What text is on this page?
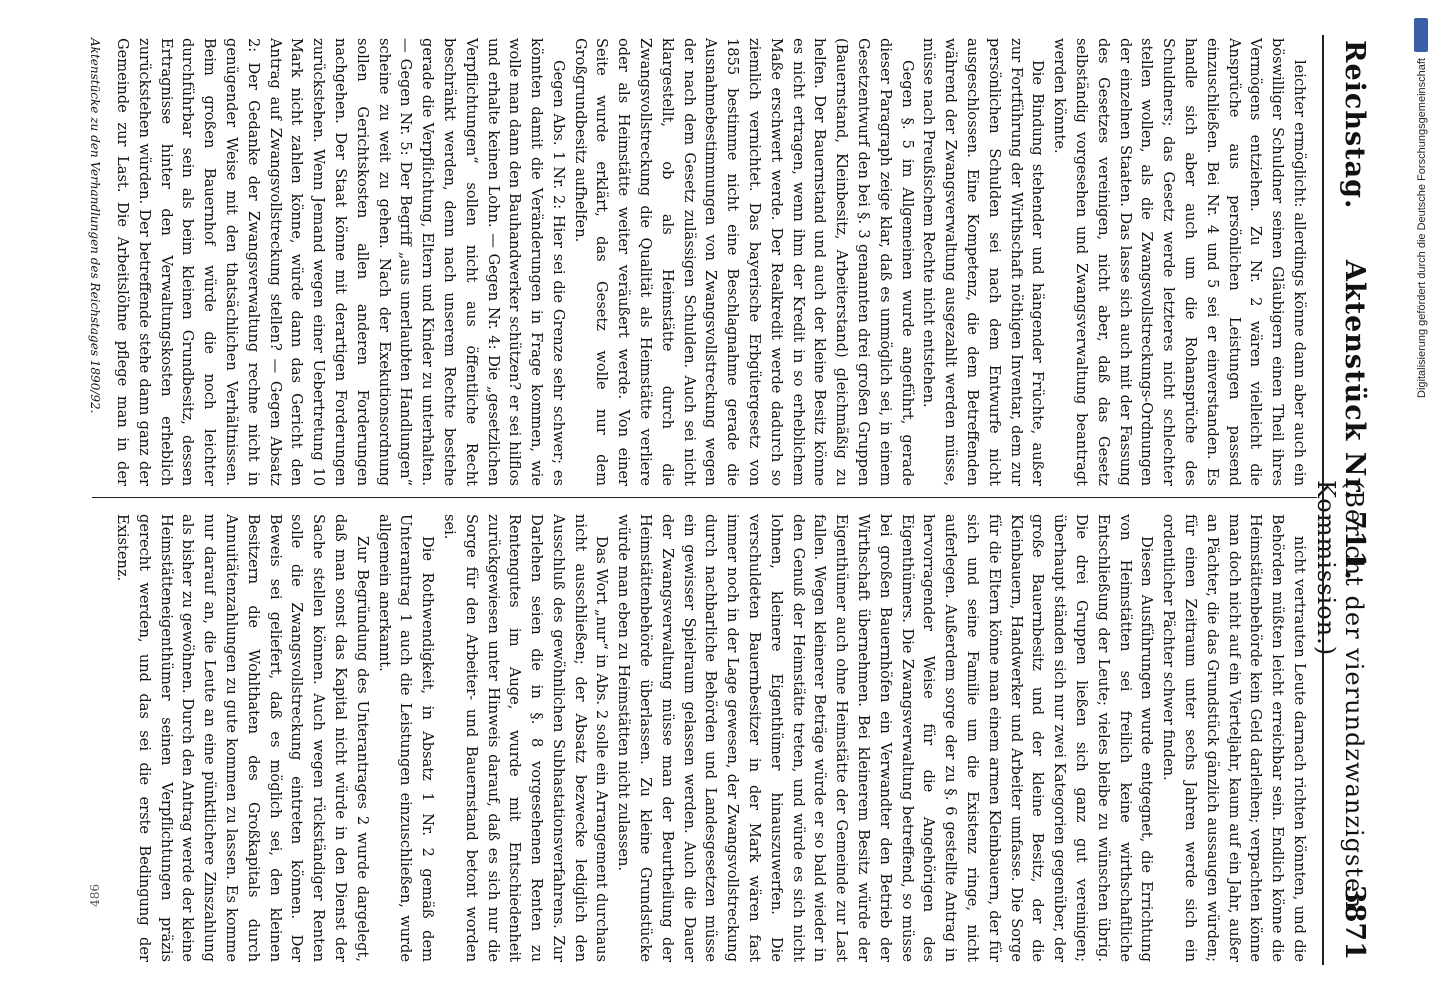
Reichstag.
Aktenstück Nr. 711.
(Bericht der vierundzwanzigsten Kommission.)
3871

leichter ermöglicht: allerdings könne dann aber auch ein böswilliger Schuldner seinen Gläubigern einen Theil ihres Vermögens entziehen. Zu Nr. 2 wären vielleicht die Ansprüche aus persönlichen Leistungen passend einzuschließen. Bei Nr. 4 und 5 sei er einverstanden. Es handle sich aber auch um die Rohansprüche des Schuldners; das Gesetz werde letzteres nicht schlechter stellen wollen, als die Zwangsvollstreckungs-Ordnungen der einzelnen Staaten. Das lasse sich auch mit der Fassung des Gesetzes vereinigen, nicht aber, daß das Gesetz selbständig vorgesehen und Zwangsverwaltung beantragt werden könnte.

Die Bindung stehender und hängender Früchte, außer zur Fortführung der Wirthschaft nöthigen Inventar, dem zur persönlichen Schulden sei nach dem Entwurfe nicht ausgeschlossen. Eine Kompetenz, die dem Betreffenden während der Zwangsverwaltung ausgezahlt werden müsse, müsse nach Preußischem Rechte nicht entstehen.

Gegen §. 5 im Allgemeinen wurde angeführt, gerade dieser Paragraph zeige klar, daß es unmöglich sei, in einem Gesetzentwurf den bei §. 3 genannten drei großen Gruppen (Bauernstand, Kleinbesitz, Arbeiterstand) gleichmäßig zu helfen. Der Bauernstand und auch der kleine Besitz könne es nicht ertragen, wenn ihm der Kredit in so erheblichem Maße erschwert werde. Der Realkredit werde dadurch so ziemlich vernichtet. Das bayerische Erbgütergesetz von 1855 bestimme nicht eine Beschlagnahme gerade die Ausnahmebestimmungen von Zwangsvollstreckung wegen der nach dem Gesetz zulässigen Schulden. Auch sei nicht klargestellt, ob als Heimstätte durch die Zwangsvollstreckung die Qualität als Heimstätte verliere oder als Heimstätte weiter veräußert werde. Von einer Seite wurde erklärt, das Gesetz wolle nur dem Großgrundbesitz aufhelfen.

Gegen Abs. 1 Nr. 2: Hier sei die Grenze sehr schwer; es könnten damit die Veränderungen in Frage kommen, wie wolle man dann den Bauhandwerker schützen? er sei hilflos und erhalte keinen Lohn. — Gegen Nr. 4: Die „gesetzlichen Verpflichtungen“ sollen nicht aus öffentliche Recht beschränkt werden, denn nach unserem Rechte bestehe gerade die Verpflichtung, Eltern und Kinder zu unterhalten. — Gegen Nr. 5: Der Begriff „aus unerlaubten Handlungen“ scheine zu weit zu gehen. Nach der Exekutionsordnung sollen Gerichtskosten allen anderen Forderungen nachgehen. Der Staat könne mit derartigen Forderungen zurückstehen. Wenn Jemand wegen einer Uebertretung 10 Mark nicht zahlen könne, würde dann das Gericht den Antrag auf Zwangsvollstreckung stellen? — Gegen Absatz 2: Der Gedanke der Zwangsverwaltung rechne nicht in genügender Weise mit den thatsächlichen Verhältnissen. Beim großen Bauernhof würde die noch leichter durchführbar sein als beim kleinen Grundbesitz, dessen Ertragnisse hinter den Verwaltungskosten erheblich zurückstehen würden. Der betreffende stehe dann ganz der Gemeinde zur Last. Die Arbeitslöhne pflege man in der

nicht vertrauten Leute darnach richten könnten, und die Behörden müßten leicht erreichbar sein. Endlich könne die Heimstättenbehörde kein Geld darleihen; verpachten könne man doch nicht auf ein Vierteljahr, kaum auf ein Jahr, außer an Pächter, die das Grundstück gänzlich aussaugen würden; für einen Zeitraum unter sechs Jahren werde sich ein ordentlicher Pächter schwer finden.

Diesen Ausführungen wurde entgegnet, die Errichtung von Heimstätten sei freilich keine wirthschaftliche Entschließung der Leute; vieles bleibe zu wünschen übrig. Die drei Gruppen ließen sich ganz gut vereinigen; überhaupt ständen sich nur zwei Kategorien gegenüber, der große Bauernbesitz und der kleine Besitz, der die Kleinbauern, Handwerker und Arbeiter umfasse. Die Sorge für die Eltern könne man einem armen Kleinbauern, der für sich und seine Familie um die Existenz ringe, nicht auferlegen. Außerdem sorge der zu §. 6 gestellte Antrag in hervorragender Weise für die Angehörigen des Eigenthümers. Die Zwangsverwaltung betreffend, so müsse bei großen Bauernhöfen ein Verwandter den Betrieb der Wirthschaft übernehmen. Bei kleinerem Besitz würde der Eigenthümer auch ohne Heimstätte der Gemeinde zur Last fallen. Wegen kleinerer Beträge würde er so bald wieder in den Genuß der Heimstätte treten, und würde es sich nicht lohnen, kleinere Eigenthümer hinauszuwerfen. Die verschuldeten Bauernbesitzer in der Mark wären fast immer noch in der Lage gewesen, der Zwangsvollstreckung durch nachbarliche Behörden und Landesgesetzen müsse ein gewisser Spielraum gelassen werden. Auch die Dauer der Zwangsverwaltung müsse man der Beurtheilung der Heimstättenbehörde überlassen. Zu kleine Grundstücke würde man eben zu Heimstätten nicht zulassen.

Das Wort „nur“ in Abs. 2 solle ein Arrangement durchaus nicht ausschließen; der Absatz bezwecke lediglich den Ausschluß des gewöhnlichen Subhastationsverfahrens. Zur Darlehen seien die in §. 8 vorgesehenen Renten zu Rentengutes im Auge, wurde mit Entschiedenheit zurückgewiesen unter Hinweis darauf, daß es sich nur die Sorge für den Arbeiter- und Bauernstand betont worden sei.

Die Rothwendigkeit, in Absatz 1 Nr. 2 gemäß dem Unterantrag 1 auch die Leistungen einzuschließen, wurde allgemein anerkannt.

Zur Begründung des Unterantrages 2 wurde dargelegt, daß man sonst das Kapital nicht würde in den Dienst der Sache stellen können. Auch wegen rückständiger Renten solle die Zwangsvollstreckung eintreten können. Der Beweis sei geliefert, daß es möglich sei, den kleinen Besitzern die Wohlthaten des Großkapitals durch Annuitätenzahlungen zu gute kommen zu lassen. Es komme nur darauf an, die Leute an eine pünktlichere Zinszahlung als bisher zu gewöhnen. Durch den Antrag werde der kleine Heimstätteneigenthümer seinen Verpflichtungen präzis gerecht werden, und das sei die erste Bedingung der Existenz.

Aktenstücke zu den Verhandlungen des Reichstages 1890/92.
486
Digitalisierung gefördert durch die Deutsche Forschungsgemeinschaft
